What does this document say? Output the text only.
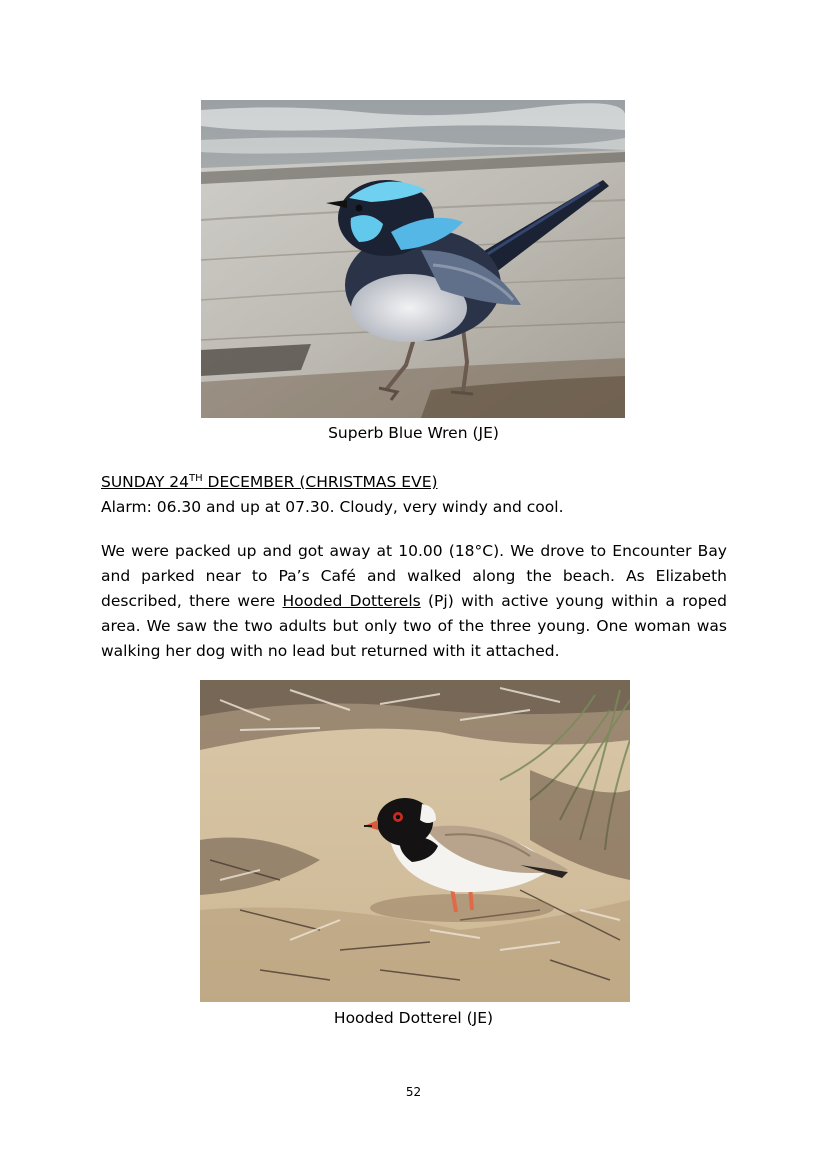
Superb Blue Wren (JE)
SUNDAY 24TH DECEMBER (CHRISTMAS EVE)
Alarm: 06.30 and up at 07.30. Cloudy, very windy and cool.
We were packed up and got away at 10.00 (18°C). We drove to Encounter Bay and parked near to Pa’s Café and walked along the beach. As Elizabeth described, there were Hooded Dotterels (Pj) with active young within a roped area. We saw the two adults but only two of the three young. One woman was walking her dog with no lead but returned with it attached.
Hooded Dotterel (JE)
52
